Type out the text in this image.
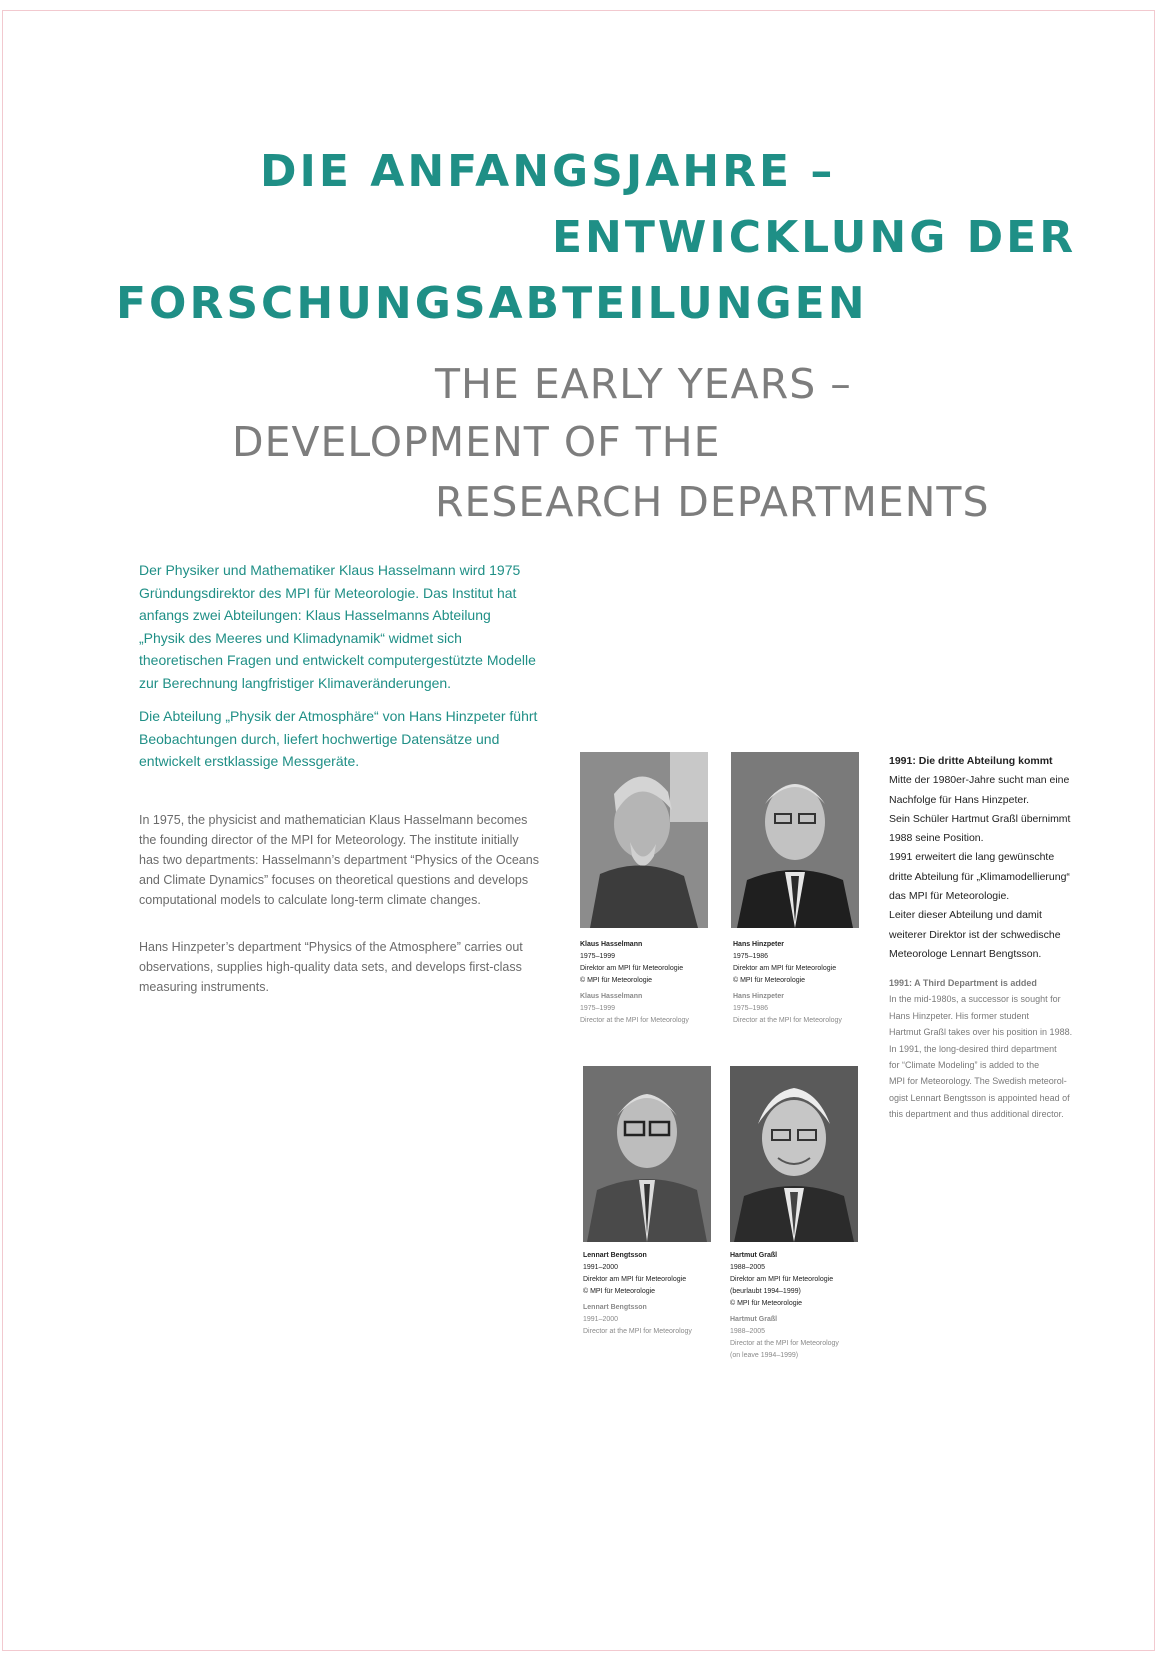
DIE ANFANGSJAHRE –
ENTWICKLUNG DER
FORSCHUNGSABTEILUNGEN
THE EARLY YEARS –
DEVELOPMENT OF THE
RESEARCH DEPARTMENTS

Der Physiker und Mathematiker Klaus Hasselmann wird 1975 Gründungsdirektor des MPI für Meteorologie. Das Institut hat anfangs zwei Abteilungen: Klaus Hasselmanns Abteilung „Physik des Meeres und Klimadynamik“ widmet sich theoretischen Fragen und entwickelt computergestützte Modelle zur Berechnung langfristiger Klimaveränderungen.

Die Abteilung „Physik der Atmosphäre“ von Hans Hinzpeter führt Beobachtungen durch, liefert hochwertige Datensätze und entwickelt erstklassige Messgeräte.

In 1975, the physicist and mathematician Klaus Hasselmann becomes the founding director of the MPI for Meteorology. The institute initially has two departments: Hasselmann’s department “Physics of the Oceans and Climate Dynamics” focuses on theoretical questions and develops computational models to calculate long-term climate changes.

Hans Hinzpeter’s department “Physics of the Atmosphere” carries out observations, supplies high-quality data sets, and develops first-class measuring instruments.

Klaus Hasselmann
1975–1999
Direktor am MPI für Meteorologie
© MPI für Meteorologie
Klaus Hasselmann
1975–1999
Director at the MPI for Meteorology
Hans Hinzpeter
1975–1986
Direktor am MPI für Meteorologie
© MPI für Meteorologie
Hans Hinzpeter
1975–1986
Director at the MPI for Meteorology
Lennart Bengtsson
1991–2000
Direktor am MPI für Meteorologie
© MPI für Meteorologie
Lennart Bengtsson
1991–2000
Director at the MPI for Meteorology
Hartmut Graßl
1988–2005
Direktor am MPI für Meteorologie
(beurlaubt 1994–1999)
© MPI für Meteorologie
Hartmut Graßl
1988–2005
Director at the MPI for Meteorology
(on leave 1994–1999)
1991: Die dritte Abteilung kommt
Mitte der 1980er-Jahre sucht man eine
Nachfolge für Hans Hinzpeter.
Sein Schüler Hartmut Graßl übernimmt
1988 seine Position.
1991 erweitert die lang gewünschte
dritte Abteilung für „Klimamodellierung“
das MPI für Meteorologie.
Leiter dieser Abteilung und damit
weiterer Direktor ist der schwedische
Meteorologe Lennart Bengtsson.
1991: A Third Department is added
In the mid-1980s, a successor is sought for
Hans Hinzpeter. His former student
Hartmut Graßl takes over his position in 1988.
In 1991, the long-desired third department
for “Climate Modeling” is added to the
MPI for Meteorology. The Swedish meteorol-
ogist Lennart Bengtsson is appointed head of
this department and thus additional director.
